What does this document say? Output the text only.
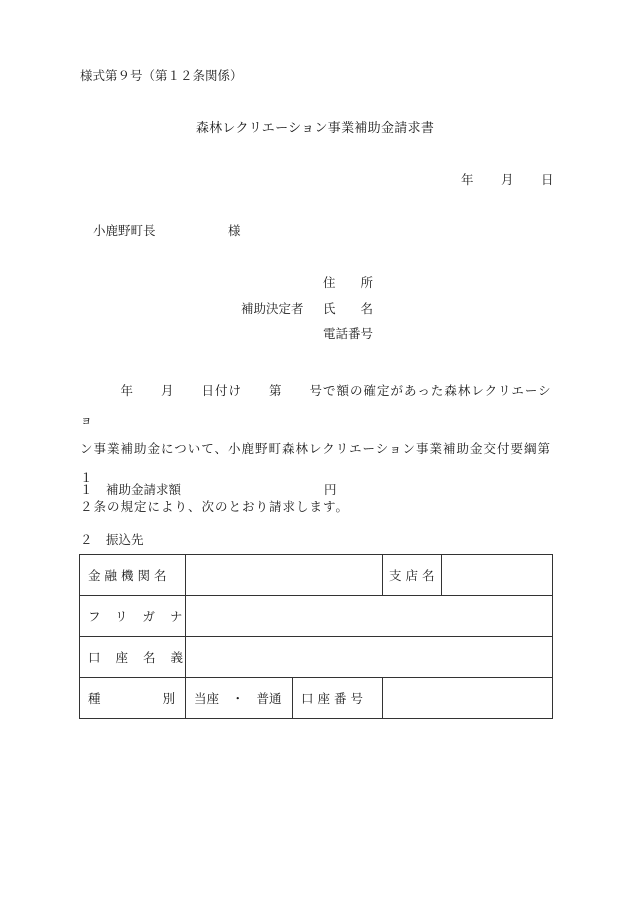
様式第９号（第１２条関係）
森林レクリエーション事業補助金請求書
年 月 日
小鹿野町長	様
住　　所
補助決定者 氏　　名
電話番号
　　　年　　月　　日付け　　第　　号で額の確定があった森林レクリエーショ
ン事業補助金について、小鹿野町森林レクリエーション事業補助金交付要綱第１
２条の規定により、次のとおり請求します。
１ 補助金請求額	円
２ 振込先
金融機関名			支店名	
フリガナ				
口座名義				

種 別	当座　・　普通	口座番号		
